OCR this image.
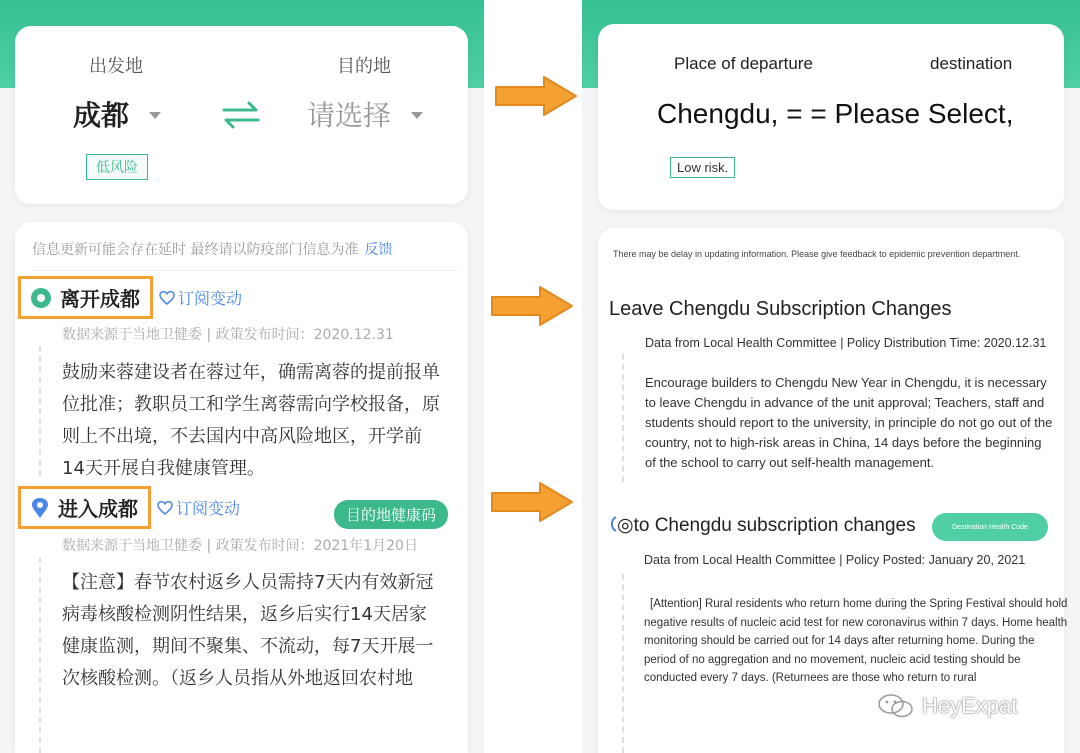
出发地	目的地
成都	请选择
低风险
信息更新可能会存在延时 最终请以防疫部门信息为准 反馈
离开成都 订阅变动
数据来源于当地卫健委 | 政策发布时间：2020.12.31
鼓励来蓉建设者在蓉过年，确需离蓉的提前报单位批准；教职员工和学生离蓉需向学校报备，原则上不出境，不去国内中高风险地区，开学前14天开展自我健康管理。
进入成都 订阅变动	目的地健康码
数据来源于当地卫健委 | 政策发布时间：2021年1月20日
【注意】春节农村返乡人员需持7天内有效新冠病毒核酸检测阴性结果，返乡后实行14天居家健康监测，期间不聚集、不流动，每7天开展一次核酸检测。（返乡人员指从外地返回农村地
Place of departure	destination
Chengdu, = = Please Select,
Low risk.
There may be delay in updating information. Please give feedback to epidemic prevention department.
Leave Chengdu Subscription Changes
Data from Local Health Committee | Policy Distribution Time: 2020.12.31
Encourage builders to Chengdu New Year in Chengdu, it is necessary to leave Chengdu in advance of the unit approval; Teachers, staff and students should report to the university, in principle do not go out of the country, not to high-risk areas in China, 14 days before the beginning of the school to carry out self-health management.
◎to Chengdu subscription changes	Destination Health Code
Data from Local Health Committee | Policy Posted: January 20, 2021
[Attention] Rural residents who return home during the Spring Festival should hold negative results of nucleic acid test for new coronavirus within 7 days. Home health monitoring should be carried out for 14 days after returning home. During the period of no aggregation and no movement, nucleic acid testing should be conducted every 7 days. (Returnees are those who return to rural
HeyExpat
